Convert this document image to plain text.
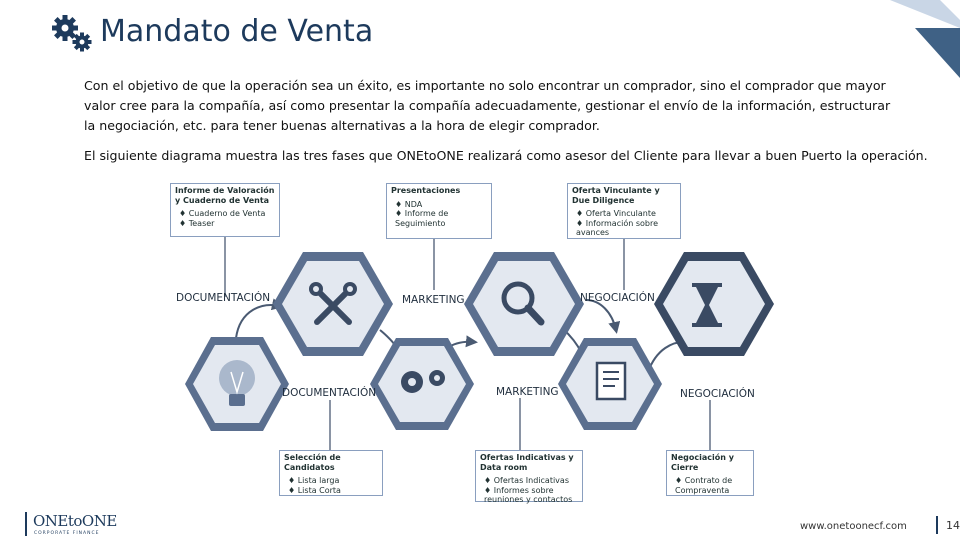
Mandato de Venta
Con el objetivo de que la operación sea un éxito, es importante no solo encontrar un comprador, sino el comprador que mayor valor cree para la compañía, así como presentar la compañía adecuadamente, gestionar el envío de la información, estructurar la negociación, etc. para tener buenas alternativas a la hora de elegir comprador.
El siguiente diagrama muestra las tres fases que ONEtoONE realizará como asesor del Cliente para llevar a buen Puerto la operación.
Informe de Valoración y Cuaderno de Venta
♦ Cuaderno de Venta
♦ Teaser
Presentaciones
♦ NDA
♦ Informe de Seguimiento
Oferta Vinculante y Due Diligence
♦ Oferta Vinculante
♦ Información sobre avances
Selección de Candidatos
♦ Lista larga
♦ Lista Corta
Ofertas Indicativas y Data room
♦ Ofertas Indicativas
♦ Informes sobre reuniones y contactos
Negociación y Cierre
♦ Contrato de Compraventa
DOCUMENTACIÓN	MARKETING	NEGOCIACIÓN
DOCUMENTACIÓN	MARKETING	NEGOCIACIÓN
ONEtoONE
CORPORATE FINANCE
www.onetoonecf.com	14
